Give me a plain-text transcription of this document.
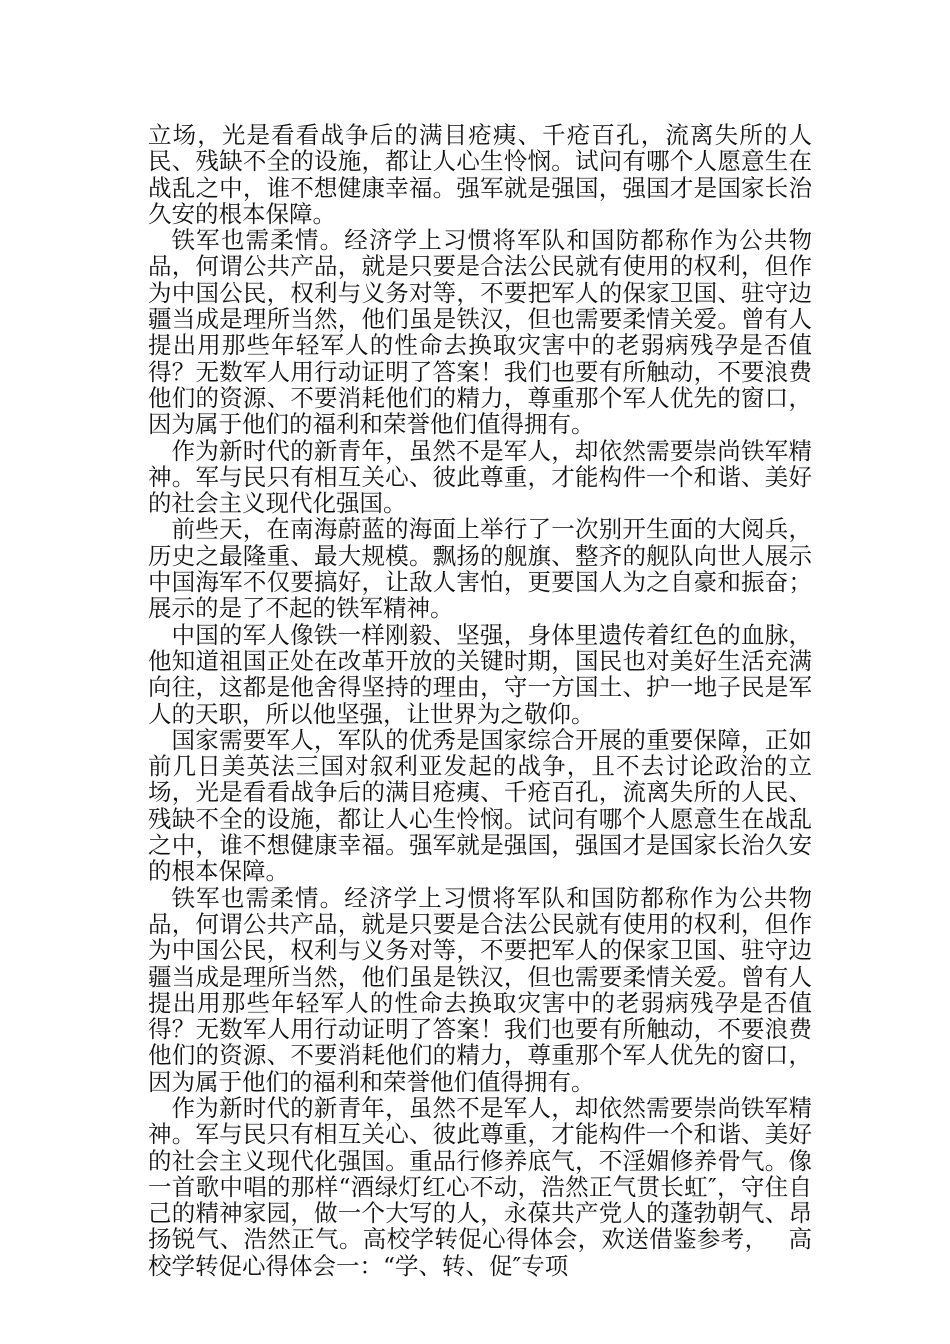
立场，光是看看战争后的满目疮痍、千疮百孔，流离失所的人民、残缺不全的设施，都让人心生怜悯。试问有哪个人愿意生在战乱之中，谁不想健康幸福。强军就是强国，强国才是国家长治久安的根本保障。

铁军也需柔情。经济学上习惯将军队和国防都称作为公共物品，何谓公共产品，就是只要是合法公民就有使用的权利，但作为中国公民，权利与义务对等，不要把军人的保家卫国、驻守边疆当成是理所当然，他们虽是铁汉，但也需要柔情关爱。曾有人提出用那些年轻军人的性命去换取灾害中的老弱病残孕是否值得？无数军人用行动证明了答案！我们也要有所触动，不要浪费他们的资源、不要消耗他们的精力，尊重那个军人优先的窗口，因为属于他们的福利和荣誉他们值得拥有。

作为新时代的新青年，虽然不是军人，却依然需要崇尚铁军精神。军与民只有相互关心、彼此尊重，才能构件一个和谐、美好的社会主义现代化强国。

前些天，在南海蔚蓝的海面上举行了一次别开生面的大阅兵，历史之最隆重、最大规模。飘扬的舰旗、整齐的舰队向世人展示中国海军不仅要搞好，让敌人害怕，更要国人为之自豪和振奋；展示的是了不起的铁军精神。

中国的军人像铁一样刚毅、坚强，身体里遗传着红色的血脉，他知道祖国正处在改革开放的关键时期，国民也对美好生活充满向往，这都是他舍得坚持的理由，守一方国土、护一地子民是军人的天职，所以他坚强，让世界为之敬仰。

国家需要军人，军队的优秀是国家综合开展的重要保障，正如前几日美英法三国对叙利亚发起的战争，且不去讨论政治的立场，光是看看战争后的满目疮痍、千疮百孔，流离失所的人民、残缺不全的设施，都让人心生怜悯。试问有哪个人愿意生在战乱之中，谁不想健康幸福。强军就是强国，强国才是国家长治久安的根本保障。

铁军也需柔情。经济学上习惯将军队和国防都称作为公共物品，何谓公共产品，就是只要是合法公民就有使用的权利，但作为中国公民，权利与义务对等，不要把军人的保家卫国、驻守边疆当成是理所当然，他们虽是铁汉，但也需要柔情关爱。曾有人提出用那些年轻军人的性命去换取灾害中的老弱病残孕是否值得？无数军人用行动证明了答案！我们也要有所触动，不要浪费他们的资源、不要消耗他们的精力，尊重那个军人优先的窗口，因为属于他们的福利和荣誉他们值得拥有。

作为新时代的新青年，虽然不是军人，却依然需要崇尚铁军精神。军与民只有相互关心、彼此尊重，才能构件一个和谐、美好的社会主义现代化强国。重品行修养底气，不淫媚修养骨气。像一首歌中唱的那样“酒绿灯红心不动，浩然正气贯长虹″，守住自己的精神家园，做一个大写的人，永葆共产党人的蓬勃朝气、昂扬锐气、浩然正气。高校学转促心得体会，欢送借鉴参考，　 高校学转促心得体会一：“学、转、促″专项
